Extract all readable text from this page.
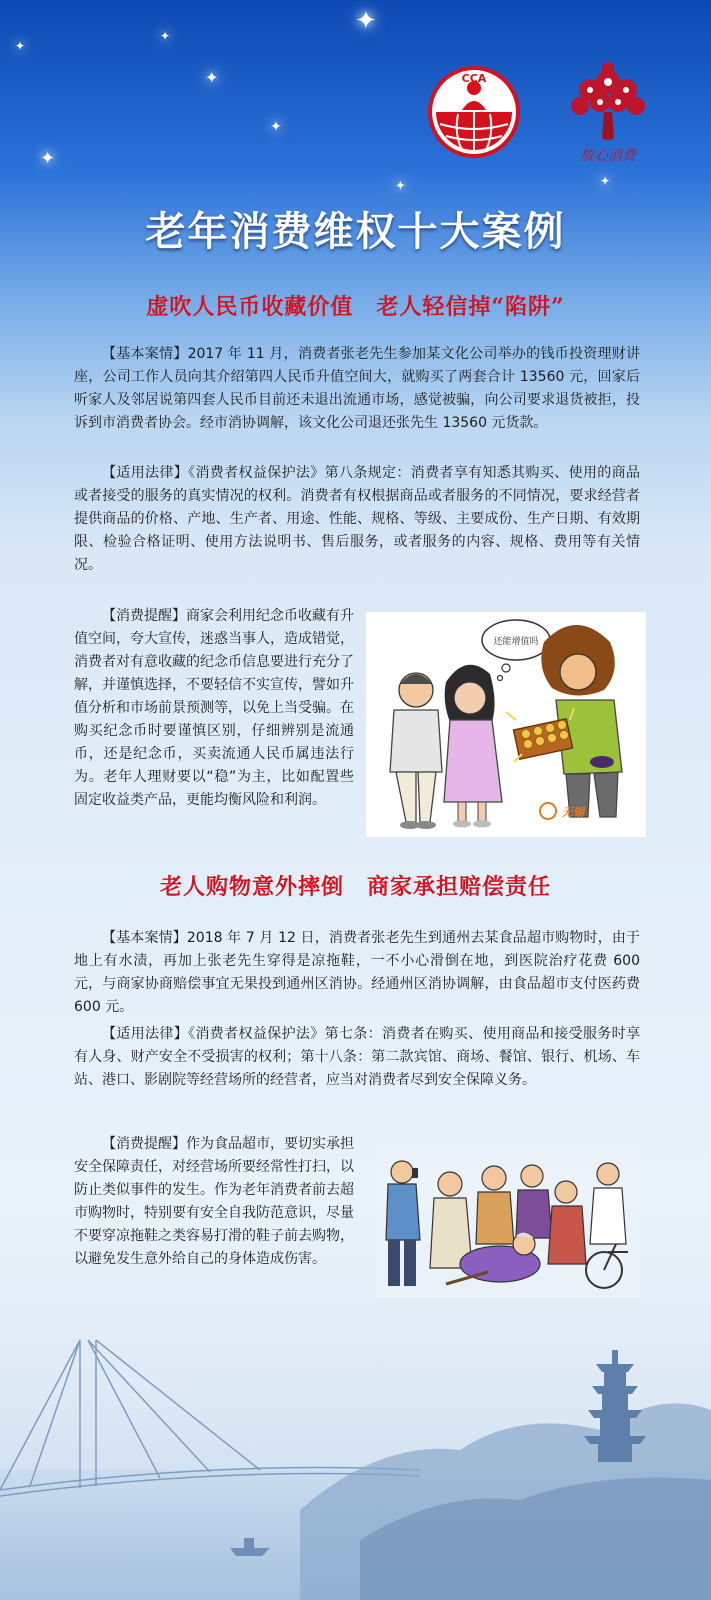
✦
✦
✦
✦
✦
✦	✦
✦
CCA
放心消费
老年消费维权十大案例
虚吹人民币收藏价值　老人轻信掉“陷阱”

【基本案情】2017 年 11 月，消费者张老先生参加某文化公司举办的钱币投资理财讲座，公司工作人员向其介绍第四人民币升值空间大，就购买了两套合计 13560 元，回家后听家人及邻居说第四套人民币目前还未退出流通市场，感觉被骗，向公司要求退货被拒，投诉到市消费者协会。经市消协调解，该文化公司退还张先生 13560 元货款。

【适用法律】《消费者权益保护法》第八条规定：消费者享有知悉其购买、使用的商品或者接受的服务的真实情况的权利。消费者有权根据商品或者服务的不同情况，要求经营者提供商品的价格、产地、生产者、用途、性能、规格、等级、主要成份、生产日期、有效期限、检验合格证明、使用方法说明书、售后服务，或者服务的内容、规格、费用等有关情况。

【消费提醒】商家会利用纪念币收藏有升值空间，夸大宣传，迷惑当事人，造成错觉，消费者对有意收藏的纪念币信息要进行充分了解，并谨慎选择，不要轻信不实宣传，譬如升值分析和市场前景预测等，以免上当受骗。在购买纪念币时要谨慎区别，仔细辨别是流通币，还是纪念币，买卖流通人民币属违法行为。老年人理财要以“稳”为主，比如配置些固定收益类产品，更能均衡风险和利润。

还能增值吗
无锡
老人购物意外摔倒　商家承担赔偿责任

【基本案情】2018 年 7 月 12 日，消费者张老先生到通州去某食品超市购物时，由于地上有水渍，再加上张老先生穿得是凉拖鞋，一不小心滑倒在地，到医院治疗花费 600 元，与商家协商赔偿事宜无果投到通州区消协。经通州区消协调解，由食品超市支付医药费 600 元。

【适用法律】《消费者权益保护法》第七条：消费者在购买、使用商品和接受服务时享有人身、财产安全不受损害的权利；第十八条：第二款宾馆、商场、餐馆、银行、机场、车站、港口、影剧院等经营场所的经营者，应当对消费者尽到安全保障义务。

【消费提醒】作为食品超市，要切实承担安全保障责任，对经营场所要经常性打扫，以防止类似事件的发生。作为老年消费者前去超市购物时，特别要有安全自我防范意识，尽量不要穿凉拖鞋之类容易打滑的鞋子前去购物，以避免发生意外给自己的身体造成伤害。
